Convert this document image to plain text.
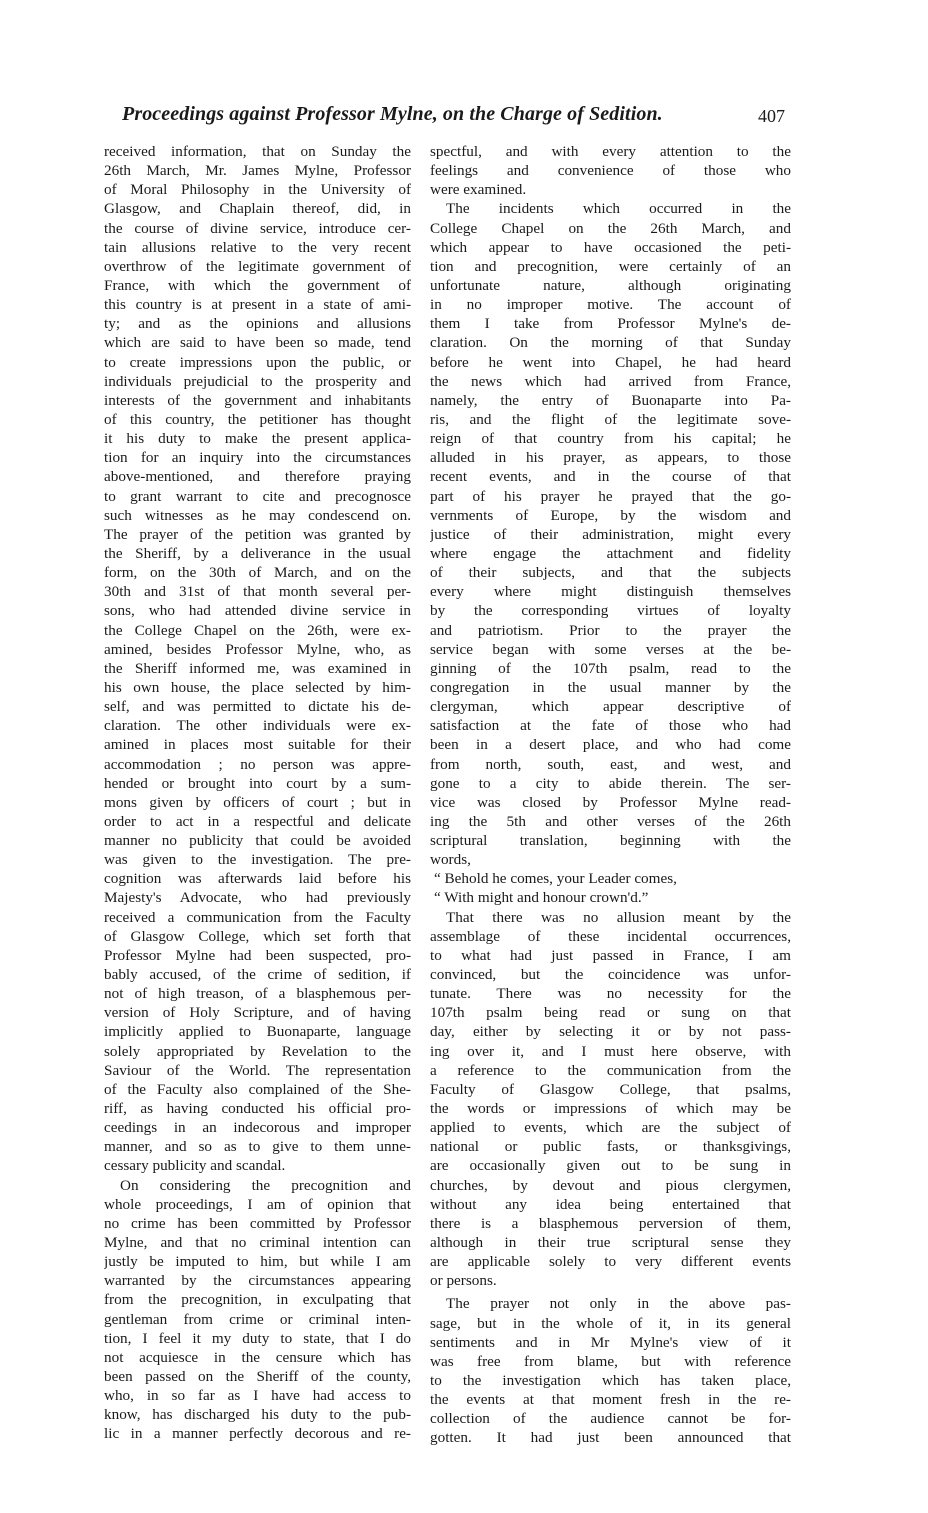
Proceedings against Professor Mylne, on the Charge of Sedition.	407
received information, that on Sunday the
26th March, Mr. James Mylne, Professor
of Moral Philosophy in the University of
Glasgow, and Chaplain thereof, did, in
the course of divine service, introduce cer-
tain allusions relative to the very recent
overthrow of the legitimate government of
France, with which the government of
this country is at present in a state of ami-
ty; and as the opinions and allusions
which are said to have been so made, tend
to create impressions upon the public, or
individuals prejudicial to the prosperity and
interests of the government and inhabitants
of this country, the petitioner has thought
it his duty to make the present applica-
tion for an inquiry into the circumstances
above-mentioned, and therefore praying
to grant warrant to cite and precognosce
such witnesses as he may condescend on.
The prayer of the petition was granted by
the Sheriff, by a deliverance in the usual
form, on the 30th of March, and on the
30th and 31st of that month several per-
sons, who had attended divine service in
the College Chapel on the 26th, were ex-
amined, besides Professor Mylne, who, as
the Sheriff informed me, was examined in
his own house, the place selected by him-
self, and was permitted to dictate his de-
claration. The other individuals were ex-
amined in places most suitable for their
accommodation ; no person was appre-
hended or brought into court by a sum-
mons given by officers of court ; but in
order to act in a respectful and delicate
manner no publicity that could be avoided
was given to the investigation. The pre-
cognition was afterwards laid before his
Majesty's Advocate, who had previously
received a communication from the Faculty
of Glasgow College, which set forth that
Professor Mylne had been suspected, pro-
bably accused, of the crime of sedition, if
not of high treason, of a blasphemous per-
version of Holy Scripture, and of having
implicitly applied to Buonaparte, language
solely appropriated by Revelation to the
Saviour of the World. The representation
of the Faculty also complained of the She-
riff, as having conducted his official pro-
ceedings in an indecorous and improper
manner, and so as to give to them unne-
cessary publicity and scandal.
On considering the precognition and
whole proceedings, I am of opinion that
no crime has been committed by Professor
Mylne, and that no criminal intention can
justly be imputed to him, but while I am
warranted by the circumstances appearing
from the precognition, in exculpating that
gentleman from crime or criminal inten-
tion, I feel it my duty to state, that I do
not acquiesce in the censure which has
been passed on the Sheriff of the county,
who, in so far as I have had access to
know, has discharged his duty to the pub-
lic in a manner perfectly decorous and re-
spectful, and with every attention to the
feelings and convenience of those who
were examined.
The incidents which occurred in the
College Chapel on the 26th March, and
which appear to have occasioned the peti-
tion and precognition, were certainly of an
unfortunate nature, although originating
in no improper motive. The account of
them I take from Professor Mylne's de-
claration. On the morning of that Sunday
before he went into Chapel, he had heard
the news which had arrived from France,
namely, the entry of Buonaparte into Pa-
ris, and the flight of the legitimate sove-
reign of that country from his capital; he
alluded in his prayer, as appears, to those
recent events, and in the course of that
part of his prayer he prayed that the go-
vernments of Europe, by the wisdom and
justice of their administration, might every
where engage the attachment and fidelity
of their subjects, and that the subjects
every where might distinguish themselves
by the corresponding virtues of loyalty
and patriotism. Prior to the prayer the
service began with some verses at the be-
ginning of the 107th psalm, read to the
congregation in the usual manner by the
clergyman, which appear descriptive of
satisfaction at the fate of those who had
been in a desert place, and who had come
from north, south, east, and west, and
gone to a city to abide therein. The ser-
vice was closed by Professor Mylne read-
ing the 5th and other verses of the 26th
scriptural translation, beginning with the
words,
“ Behold he comes, your Leader comes,
“ With might and honour crown'd.”
That there was no allusion meant by the
assemblage of these incidental occurrences,
to what had just passed in France, I am
convinced, but the coincidence was unfor-
tunate. There was no necessity for the
107th psalm being read or sung on that
day, either by selecting it or by not pass-
ing over it, and I must here observe, with
a reference to the communication from the
Faculty of Glasgow College, that psalms,
the words or impressions of which may be
applied to events, which are the subject of
national or public fasts, or thanksgivings,
are occasionally given out to be sung in
churches, by devout and pious clergymen,
without any idea being entertained that
there is a blasphemous perversion of them,
although in their true scriptural sense they
are applicable solely to very different events
or persons.
The prayer not only in the above pas-
sage, but in the whole of it, in its general
sentiments and in Mr Mylne's view of it
was free from blame, but with reference
to the investigation which has taken place,
the events at that moment fresh in the re-
collection of the audience cannot be for-
gotten. It had just been announced that
